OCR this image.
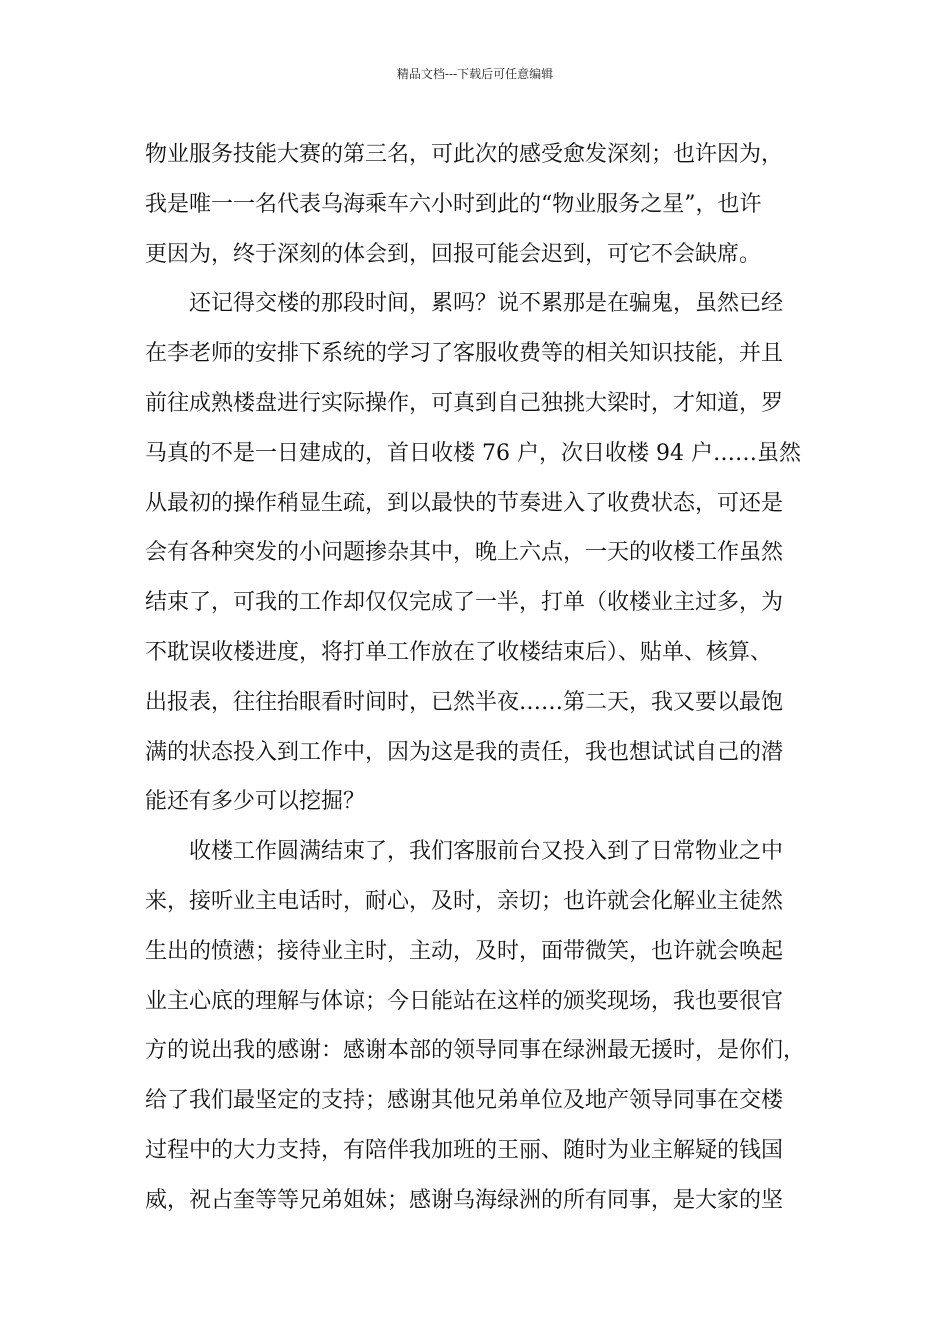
精品文档---下载后可任意编辑
物业服务技能大赛的第三名，可此次的感受愈发深刻；也许因为，
我是唯一一名代表乌海乘车六小时到此的“物业服务之星”，也许
更因为，终于深刻的体会到，回报可能会迟到，可它不会缺席。
还记得交楼的那段时间，累吗？说不累那是在骗鬼，虽然已经
在李老师的安排下系统的学习了客服收费等的相关知识技能，并且
前往成熟楼盘进行实际操作，可真到自己独挑大梁时，才知道，罗
马真的不是一日建成的，首日收楼 76 户，次日收楼 94 户……虽然
从最初的操作稍显生疏，到以最快的节奏进入了收费状态，可还是
会有各种突发的小问题掺杂其中，晚上六点，一天的收楼工作虽然
结束了，可我的工作却仅仅完成了一半，打单（收楼业主过多，为
不耽误收楼进度，将打单工作放在了收楼结束后）、贴单、核算、
出报表，往往抬眼看时间时，已然半夜……第二天，我又要以最饱
满的状态投入到工作中，因为这是我的责任，我也想试试自己的潜
能还有多少可以挖掘？
收楼工作圆满结束了，我们客服前台又投入到了日常物业之中
来，接听业主电话时，耐心，及时，亲切；也许就会化解业主徒然
生出的愤懑；接待业主时，主动，及时，面带微笑，也许就会唤起
业主心底的理解与体谅；今日能站在这样的颁奖现场，我也要很官
方的说出我的感谢：感谢本部的领导同事在绿洲最无援时，是你们，
给了我们最坚定的支持；感谢其他兄弟单位及地产领导同事在交楼
过程中的大力支持，有陪伴我加班的王丽、随时为业主解疑的钱国
威，祝占奎等等兄弟姐妹；感谢乌海绿洲的所有同事，是大家的坚
